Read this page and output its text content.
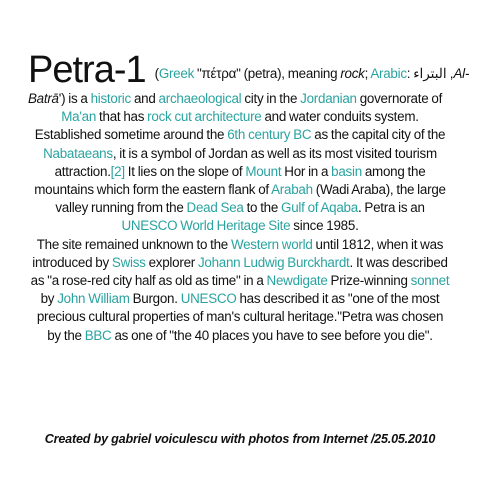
Petra-1 (Greek "πέτρα" (petra), meaning rock; Arabic: البتراء ,Al-
Batrā') is a historic and archaeological city in the Jordanian governorate of
Ma'an that has rock cut architecture and water conduits system.
Established sometime around the 6th century BC as the capital city of the
Nabataeans, it is a symbol of Jordan as well as its most visited tourism
attraction.[2] It lies on the slope of Mount Hor in a basin among the
mountains which form the eastern flank of Arabah (Wadi Araba), the large
valley running from the Dead Sea to the Gulf of Aqaba. Petra is an
UNESCO World Heritage Site since 1985.
The site remained unknown to the Western world until 1812, when it was
introduced by Swiss explorer Johann Ludwig Burckhardt. It was described
as "a rose-red city half as old as time" in a Newdigate Prize-winning sonnet
by John William Burgon. UNESCO has described it as "one of the most
precious cultural properties of man's cultural heritage."Petra was chosen
by the BBC as one of "the 40 places you have to see before you die".
Created by gabriel voiculescu with photos from Internet /25.05.2010
